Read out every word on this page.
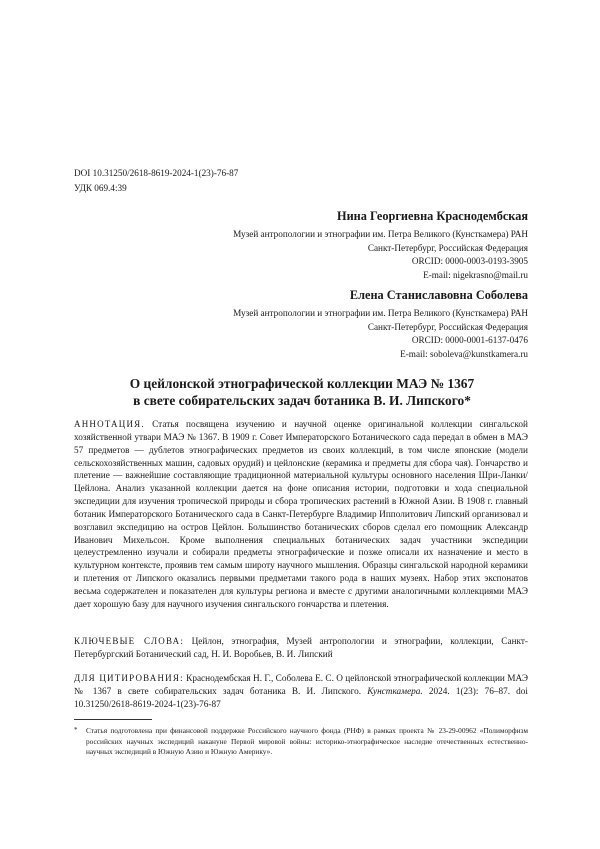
DOI 10.31250/2618-8619-2024-1(23)-76-87
УДК 069.4:39
Нина Георгиевна Краснодембская
Музей антропологии и этнографии им. Петра Великого (Кунсткамера) РАН
Санкт-Петербург, Российская Федерация
ORCID: 0000-0003-0193-3905
E-mail: nigekrasno@mail.ru
Елена Станиславовна Соболева
Музей антропологии и этнографии им. Петра Великого (Кунсткамера) РАН
Санкт-Петербург, Российская Федерация
ORCID: 0000-0001-6137-0476
E-mail: soboleva@kunstkamera.ru
О цейлонской этнографической коллекции МАЭ № 1367
в свете собирательских задач ботаника В. И. Липского*
АННОТАЦИЯ. Статья посвящена изучению и научной оценке оригинальной коллекции сингальской хозяйственной утвари МАЭ № 1367. В 1909 г. Совет Императорского Ботанического сада передал в обмен в МАЭ 57 предметов — дублетов этнографических предметов из своих коллекций, в том числе японские (модели сельскохозяйственных машин, садовых орудий) и цейлонские (керамика и предметы для сбора чая). Гончарство и плетение — важнейшие составляющие традиционной материальной культуры основного населения Шри-Ланки/Цейлона. Анализ указанной коллекции дается на фоне описания истории, подготовки и хода специальной экспедиции для изучения тропической природы и сбора тропических растений в Южной Азии. В 1908 г. главный ботаник Императорского Ботанического сада в Санкт-Петербурге Владимир Ипполитович Липский организовал и возглавил экспедицию на остров Цейлон. Большинство ботанических сборов сделал его помощник Александр Иванович Михельсон. Кроме выполнения специальных ботанических задач участники экспедиции целеустремленно изучали и собирали предметы этнографические и позже описали их назначение и место в культурном контексте, проявив тем самым широту научного мышления. Образцы сингальской народной керамики и плетения от Липского оказались первыми предметами такого рода в наших музеях. Набор этих экспонатов весьма содержателен и показателен для культуры региона и вместе с другими аналогичными коллекциями МАЭ дает хорошую базу для научного изучения сингальского гончарства и плетения.
КЛЮЧЕВЫЕ СЛОВА: Цейлон, этнография, Музей антропологии и этнографии, коллекции, Санкт-Петербургский Ботанический сад, Н. И. Воробьев, В. И. Липский
ДЛЯ ЦИТИРОВАНИЯ: Краснодембская Н. Г., Соболева Е. С. О цейлонской этнографической коллекции МАЭ № 1367 в свете собирательских задач ботаника В. И. Липского. Кунсткамера. 2024. 1(23): 76–87. doi 10.31250/2618-8619-2024-1(23)-76-87
* Статья подготовлена при финансовой поддержке Российского научного фонда (РНФ) в рамках проекта № 23-29-00962 «Полиморфизм российских научных экспедиций накануне Первой мировой войны: историко-этнографическое наследие отечественных естественно-научных экспедиций в Южную Азию и Южную Америку».
